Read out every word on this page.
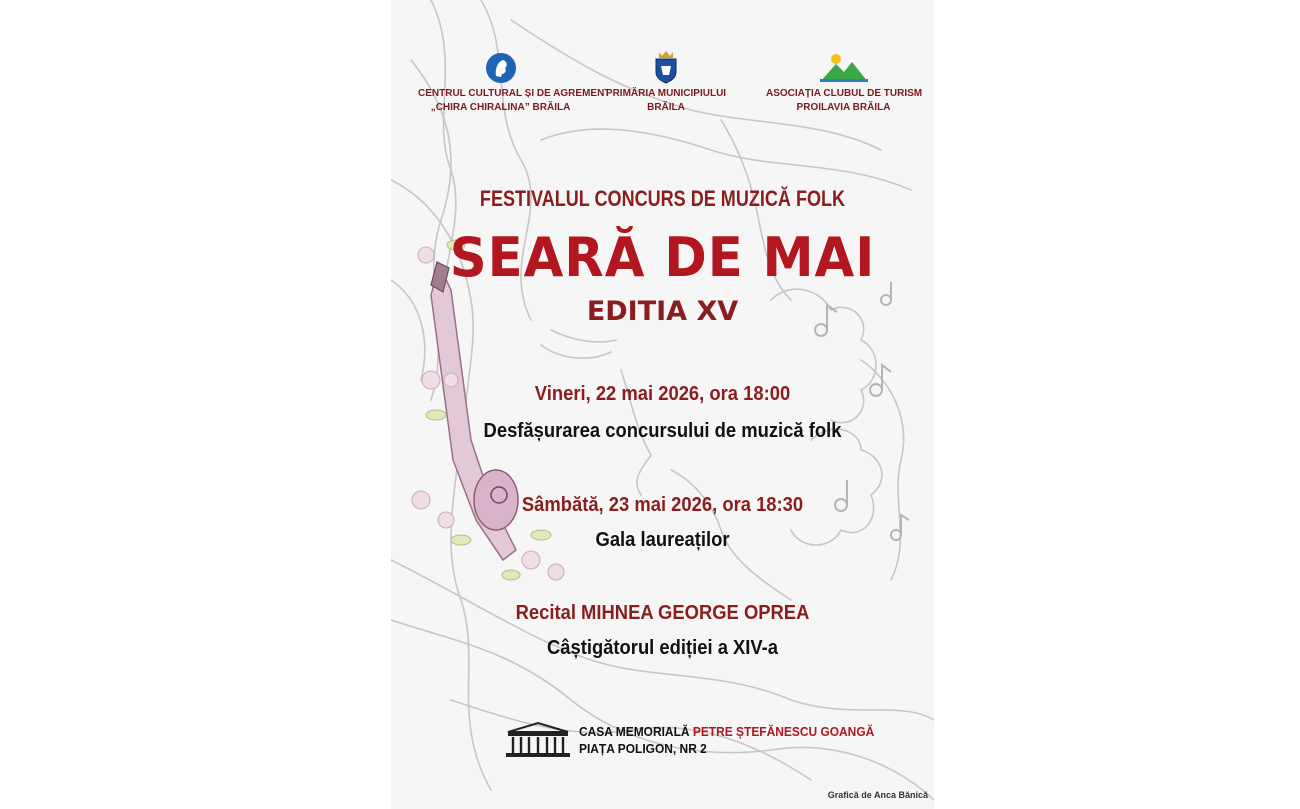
CENTRUL CULTURAL ȘI DE AGREMENT
„CHIRA CHIRALINA” BRĂILA
PRIMĂRIA MUNICIPIULUI
BRĂILA
ASOCIAȚIA CLUBUL DE TURISM
PROILAVIA BRĂILA
FESTIVALUL CONCURS DE MUZICĂ FOLK
SEARĂ DE MAI
EDITIA XV
Vineri, 22 mai 2026, ora 18:00
Desfășurarea concursului de muzică folk
Sâmbătă, 23 mai 2026, ora 18:30
Gala laureaților
Recital MIHNEA GEORGE OPREA
Câștigătorul ediției a XIV-a
CASA MEMORIALĂ PETRE ȘTEFĂNESCU GOANGĂ
PIAȚA POLIGON, NR 2
Grafică de Anca Bănică
